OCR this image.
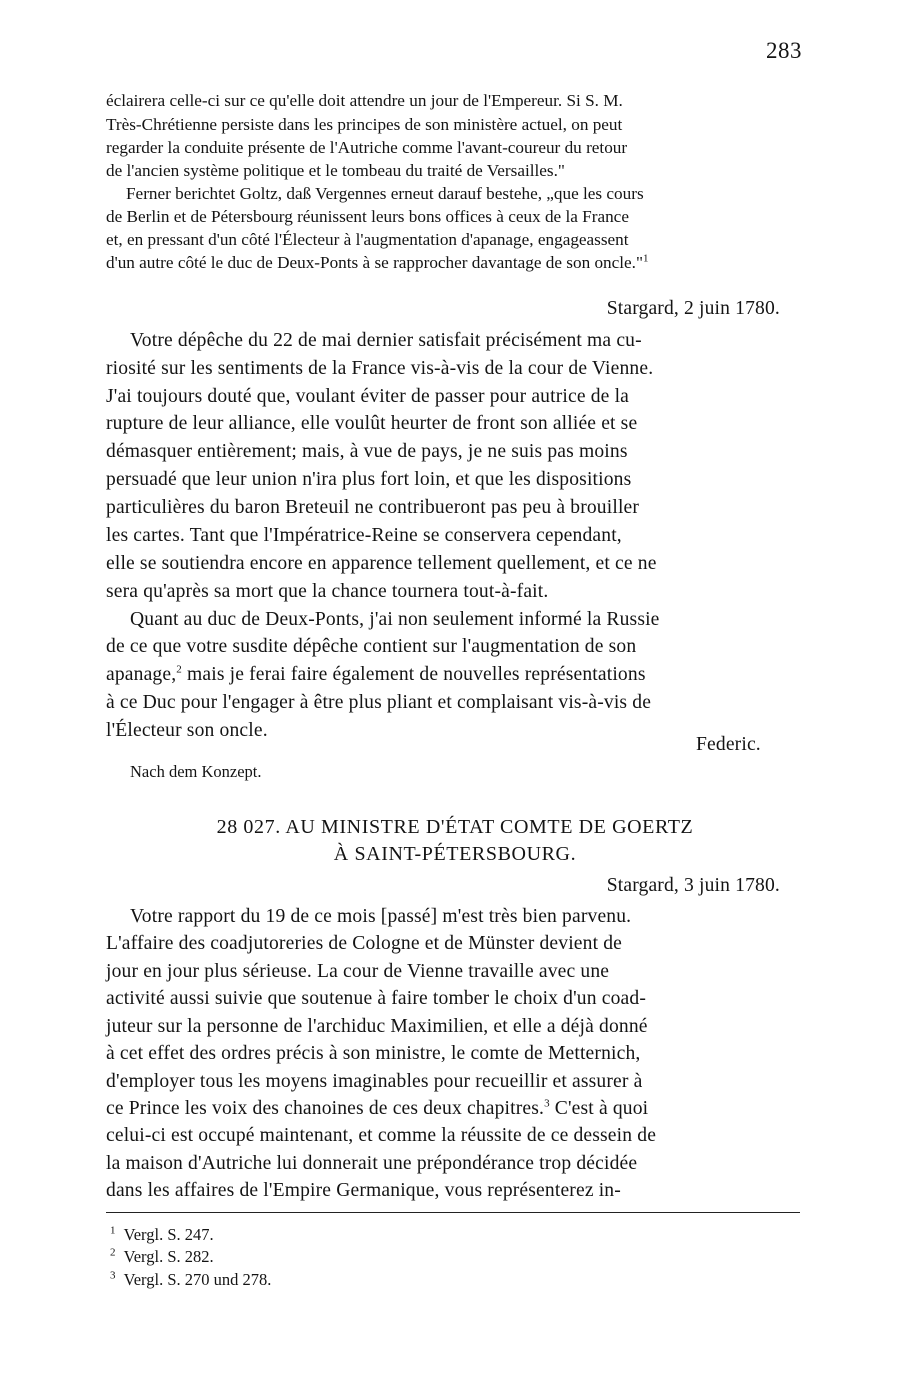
283
éclairera celle-ci sur ce qu'elle doit attendre un jour de l'Empereur. Si S. M.
Très-Chrétienne persiste dans les principes de son ministère actuel, on peut
regarder la conduite présente de l'Autriche comme l'avant-coureur du retour
de l'ancien système politique et le tombeau du traité de Versailles."
Ferner berichtet Goltz, daß Vergennes erneut darauf bestehe, „que les cours
de Berlin et de Pétersbourg réunissent leurs bons offices à ceux de la France
et, en pressant d'un côté l'Électeur à l'augmentation d'apanage, engageassent
d'un autre côté le duc de Deux-Ponts à se rapprocher davantage de son oncle."$^1$
Stargard, 2 juin 1780.
Votre dépêche du 22 de mai dernier satisfait précisément ma cu-
riosité sur les sentiments de la France vis-à-vis de la cour de Vienne.
J'ai toujours douté que, voulant éviter de passer pour autrice de la
rupture de leur alliance, elle voulût heurter de front son alliée et se
démasquer entièrement; mais, à vue de pays, je ne suis pas moins
persuadé que leur union n'ira plus fort loin, et que les dispositions
particulières du baron Breteuil ne contribueront pas peu à brouiller
les cartes. Tant que l'Impératrice-Reine se conservera cependant,
elle se soutiendra encore en apparence tellement quellement, et ce ne
sera qu'après sa mort que la chance tournera tout-à-fait.
Quant au duc de Deux-Ponts, j'ai non seulement informé la Russie
de ce que votre susdite dépêche contient sur l'augmentation de son
apanage,$^2$ mais je ferai faire également de nouvelles représentations
à ce Duc pour l'engager à être plus pliant et complaisant vis-à-vis de
l'Électeur son oncle.
Federic.
Nach dem Konzept.
28 027. AU MINISTRE D'ÉTAT COMTE DE GOERTZ
À SAINT-PÉTERSBOURG.
Stargard, 3 juin 1780.
Votre rapport du 19 de ce mois [passé] m'est très bien parvenu.
L'affaire des coadjutoreries de Cologne et de Münster devient de
jour en jour plus sérieuse. La cour de Vienne travaille avec une
activité aussi suivie que soutenue à faire tomber le choix d'un coad-
juteur sur la personne de l'archiduc Maximilien, et elle a déjà donné
à cet effet des ordres précis à son ministre, le comte de Metternich,
d'employer tous les moyens imaginables pour recueillir et assurer à
ce Prince les voix des chanoines de ces deux chapitres.$^3$ C'est à quoi
celui-ci est occupé maintenant, et comme la réussite de ce dessein de
la maison d'Autriche lui donnerait une prépondérance trop décidée
dans les affaires de l'Empire Germanique, vous représenterez in-
$^1$ Vergl. S. 247.
$^2$ Vergl. S. 282.
$^3$ Vergl. S. 270 und 278.
